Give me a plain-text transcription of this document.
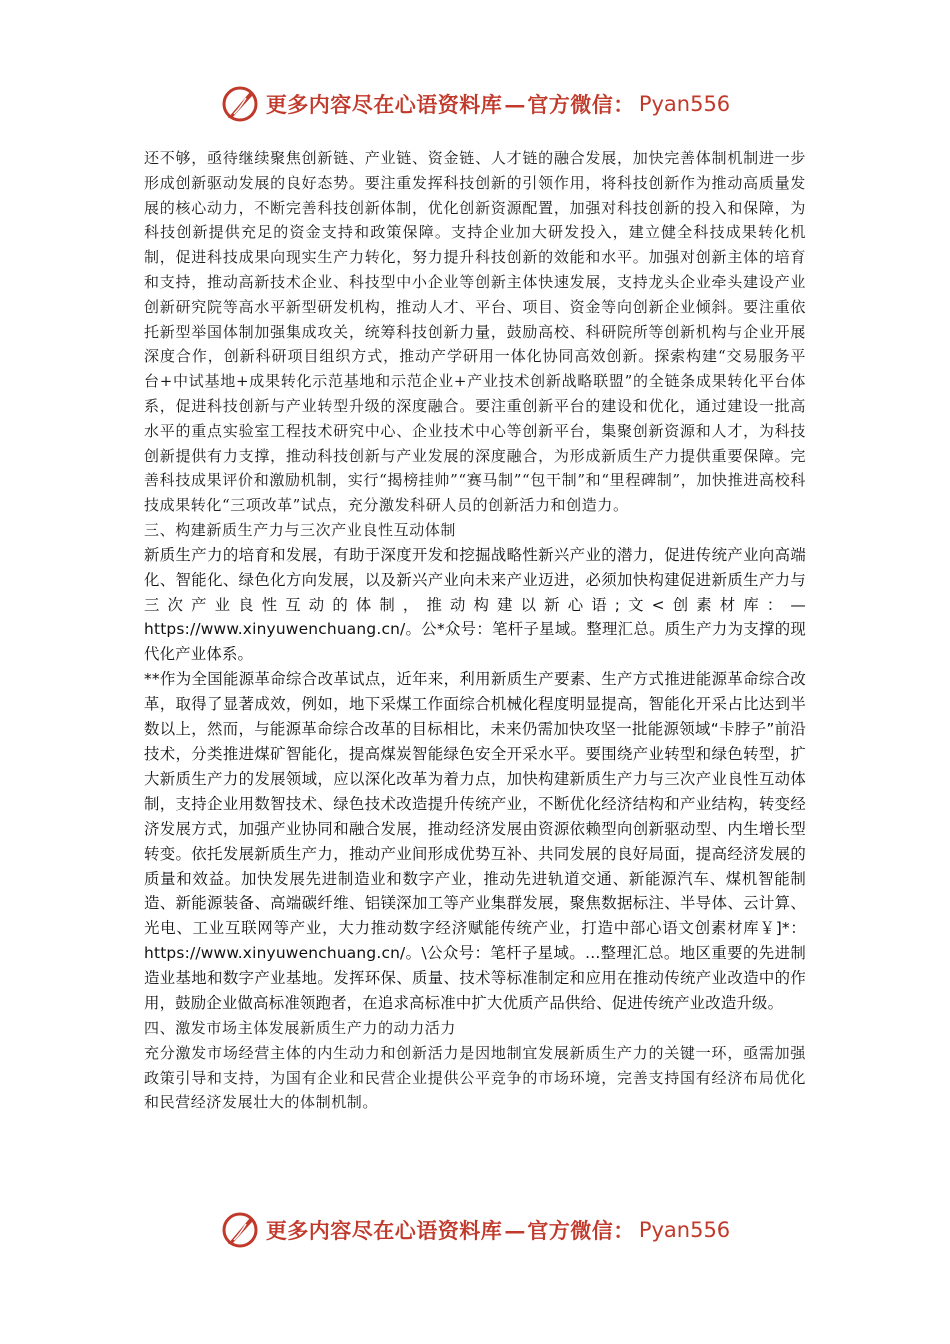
更多内容尽在心语资料库 — 官方微信： Pyan556

还不够，亟待继续聚焦创新链、产业链、资金链、人才链的融合发展，加快完善体制机制进一步形成创新驱动发展的良好态势。要注重发挥科技创新的引领作用，将科技创新作为推动高质量发展的核心动力，不断完善科技创新体制，优化创新资源配置，加强对科技创新的投入和保障，为科技创新提供充足的资金支持和政策保障。支持企业加大研发投入，建立健全科技成果转化机制，促进科技成果向现实生产力转化，努力提升科技创新的效能和水平。加强对创新主体的培育和支持，推动高新技术企业、科技型中小企业等创新主体快速发展，支持龙头企业牵头建设产业创新研究院等高水平新型研发机构，推动人才、平台、项目、资金等向创新企业倾斜。要注重依托新型举国体制加强集成攻关，统筹科技创新力量，鼓励高校、科研院所等创新机构与企业开展深度合作，创新科研项目组织方式，推动产学研用一体化协同高效创新。探索构建“交易服务平台+中试基地+成果转化示范基地和示范企业+产业技术创新战略联盟”的全链条成果转化平台体系，促进科技创新与产业转型升级的深度融合。要注重创新平台的建设和优化，通过建设一批高水平的重点实验室工程技术研究中心、企业技术中心等创新平台，集聚创新资源和人才，为科技创新提供有力支撑，推动科技创新与产业发展的深度融合，为形成新质生产力提供重要保障。完善科技成果评价和激励机制，实行“揭榜挂帅”“赛马制”“包干制”和“里程碑制”，加快推进高校科技成果转化“三项改革”试点，充分激发科研人员的创新活力和创造力。

三、构建新质生产力与三次产业良性互动体制

新质生产力的培育和发展，有助于深度开发和挖掘战略性新兴产业的潜力，促进传统产业向高端化、智能化、绿色化方向发展，以及新兴产业向未来产业迈进，必须加快构建促进新质生产力与三次产业良性互动的体制，推动构建以新心语;文<创素材库：—https://www.xinyuwenchuang.cn/。公*众号：笔杆子星域。整理汇总。质生产力为支撑的现代化产业体系。

**作为全国能源革命综合改革试点，近年来，利用新质生产要素、生产方式推进能源革命综合改革，取得了显著成效，例如，地下采煤工作面综合机械化程度明显提高，智能化开采占比达到半数以上，然而，与能源革命综合改革的目标相比，未来仍需加快攻坚一批能源领域“卡脖子”前沿技术，分类推进煤矿智能化，提高煤炭智能绿色安全开采水平。要围绕产业转型和绿色转型，扩大新质生产力的发展领域，应以深化改革为着力点，加快构建新质生产力与三次产业良性互动体制，支持企业用数智技术、绿色技术改造提升传统产业，不断优化经济结构和产业结构，转变经济发展方式，加强产业协同和融合发展，推动经济发展由资源依赖型向创新驱动型、内生增长型转变。依托发展新质生产力，推动产业间形成优势互补、共同发展的良好局面，提高经济发展的质量和效益。加快发展先进制造业和数字产业，推动先进轨道交通、新能源汽车、煤机智能制造、新能源装备、高端碳纤维、铝镁深加工等产业集群发展，聚焦数据标注、半导体、云计算、光电、工业互联网等产业，大力推动数字经济赋能传统产业，打造中部心语文创素材库￥]*：https://www.xinyuwenchuang.cn/。\公众号：笔杆子星域。...整理汇总。地区重要的先进制造业基地和数字产业基地。发挥环保、质量、技术等标准制定和应用在推动传统产业改造中的作用，鼓励企业做高标准领跑者，在追求高标准中扩大优质产品供给、促进传统产业改造升级。

四、激发市场主体发展新质生产力的动力活力

充分激发市场经营主体的内生动力和创新活力是因地制宜发展新质生产力的关键一环，亟需加强政策引导和支持，为国有企业和民营企业提供公平竞争的市场环境，完善支持国有经济布局优化和民营经济发展壮大的体制机制。

更多内容尽在心语资料库 — 官方微信： Pyan556
